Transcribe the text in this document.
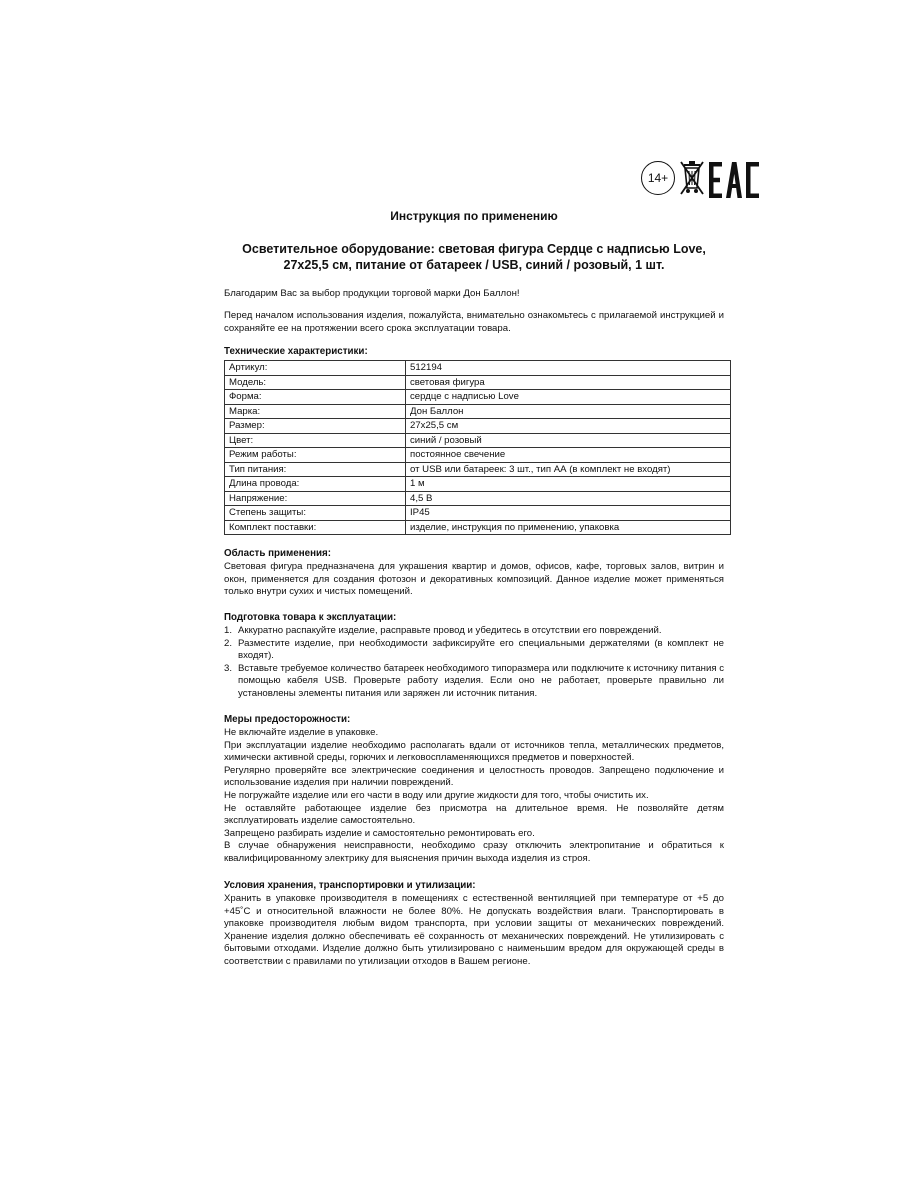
14+
Инструкция по применению
Осветительное оборудование: световая фигура Сердце с надписью Love,
27х25,5 см, питание от батареек / USB, синий / розовый, 1 шт.
Благодарим Вас за выбор продукции торговой марки Дон Баллон!
Перед началом использования изделия, пожалуйста, внимательно ознакомьтесь с прилагаемой инструкцией и сохраняйте ее на протяжении всего срока эксплуатации товара.
Технические характеристики:
Артикул:	512194
Модель:	световая фигура
Форма:	сердце с надписью Love
Марка:	Дон Баллон
Размер:	27х25,5 см
Цвет:	синий / розовый
Режим работы:	постоянное свечение
Тип питания:	от USB или батареек: 3 шт., тип АА (в комплект не входят)
Длина провода:	1 м
Напряжение:	4,5 В
Степень защиты:	IP45
Комплект поставки:	изделие, инструкция по применению, упаковка
Область применения:
Световая фигура предназначена для украшения квартир и домов, офисов, кафе, торговых залов, витрин и окон, применяется для создания фотозон и декоративных композиций. Данное изделие может применяться только внутри сухих и чистых помещений.
Подготовка товара к эксплуатации:
1. Аккуратно распакуйте изделие, расправьте провод и убедитесь в отсутствии его повреждений.
2. Разместите изделие, при необходимости зафиксируйте его специальными держателями (в комплект не входят).
3. Вставьте требуемое количество батареек необходимого типоразмера или подключите к источнику питания с помощью кабеля USB. Проверьте работу изделия. Если оно не работает, проверьте правильно ли установлены элементы питания или заряжен ли источник питания.
Меры предосторожности:
Не включайте изделие в упаковке.
При эксплуатации изделие необходимо располагать вдали от источников тепла, металлических предметов, химически активной среды, горючих и легковоспламеняющихся предметов и поверхностей.
Регулярно проверяйте все электрические соединения и целостность проводов. Запрещено подключение и использование изделия при наличии повреждений.
Не погружайте изделие или его части в воду или другие жидкости для того, чтобы очистить их.
Не оставляйте работающее изделие без присмотра на длительное время. Не позволяйте детям эксплуатировать изделие самостоятельно.
Запрещено разбирать изделие и самостоятельно ремонтировать его.
В случае обнаружения неисправности, необходимо сразу отключить электропитание и обратиться к квалифицированному электрику для выяснения причин выхода изделия из строя.
Условия хранения, транспортировки и утилизации:
Хранить в упаковке производителя в помещениях с естественной вентиляцией при температуре от +5 до +45˚С и относительной влажности не более 80%. Не допускать воздействия влаги. Транспортировать в упаковке производителя любым видом транспорта, при условии защиты от механических повреждений. Хранение изделия должно обеспечивать её сохранность от механических повреждений. Не утилизировать с бытовыми отходами. Изделие должно быть утилизировано с наименьшим вредом для окружающей среды в соответствии с правилами по утилизации отходов в Вашем регионе.
